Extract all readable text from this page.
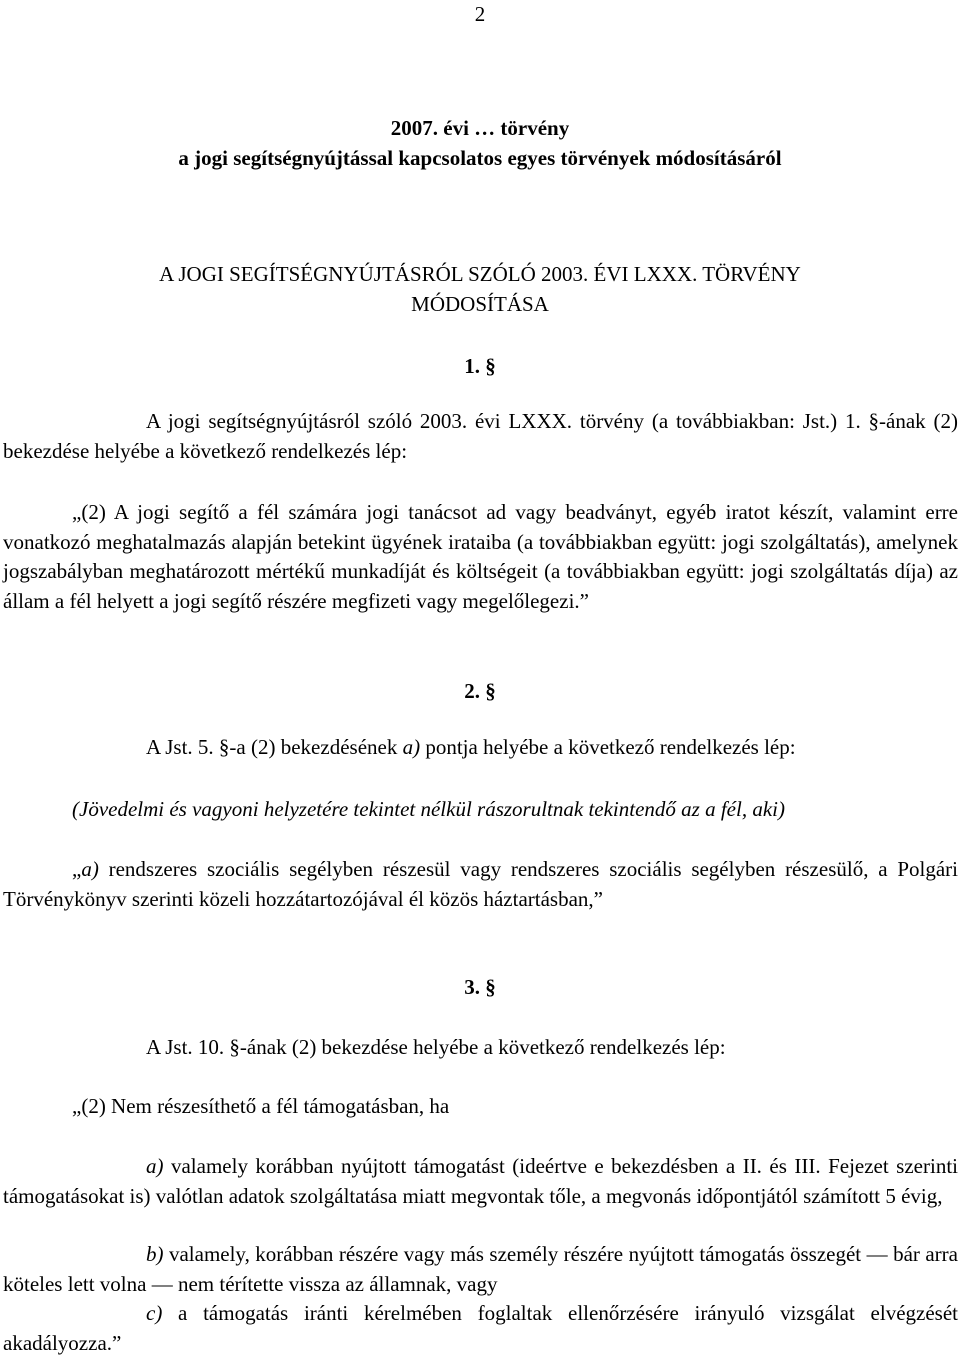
2
2007. évi … törvény
a jogi segítségnyújtással kapcsolatos egyes törvények módosításáról
A JOGI SEGÍTSÉGNYÚJTÁSRÓL SZÓLÓ 2003. ÉVI LXXX. TÖRVÉNY
MÓDOSÍTÁSA
1. §
A jogi segítségnyújtásról szóló 2003. évi LXXX. törvény (a továbbiakban: Jst.) 1. §-ának (2) bekezdése helyébe a következő rendelkezés lép:
„(2) A jogi segítő a fél számára jogi tanácsot ad vagy beadványt, egyéb iratot készít, valamint erre vonatkozó meghatalmazás alapján betekint ügyének irataiba (a továbbiakban együtt: jogi szolgáltatás), amelynek jogszabályban meghatározott mértékű munkadíját és költségeit (a továbbiakban együtt: jogi szolgáltatás díja) az állam a fél helyett a jogi segítő részére megfizeti vagy megelőlegezi.”
2. §
A Jst. 5. §-a (2) bekezdésének a) pontja helyébe a következő rendelkezés lép:
(Jövedelmi és vagyoni helyzetére tekintet nélkül rászorultnak tekintendő az a fél, aki)
„a) rendszeres szociális segélyben részesül vagy rendszeres szociális segélyben részesülő, a Polgári Törvénykönyv szerinti közeli hozzátartozójával él közös háztartásban,”
3. §
A Jst. 10. §-ának (2) bekezdése helyébe a következő rendelkezés lép:
„(2) Nem részesíthető a fél támogatásban, ha
a) valamely korábban nyújtott támogatást (ideértve e bekezdésben a II. és III. Fejezet szerinti támogatásokat is) valótlan adatok szolgáltatása miatt megvontak tőle, a megvonás időpontjától számított 5 évig,
b) valamely, korábban részére vagy más személy részére nyújtott támogatás összegét — bár arra köteles lett volna — nem térítette vissza az államnak, vagy
c) a támogatás iránti kérelmében foglaltak ellenőrzésére irányuló vizsgálat elvégzését akadályozza.”
